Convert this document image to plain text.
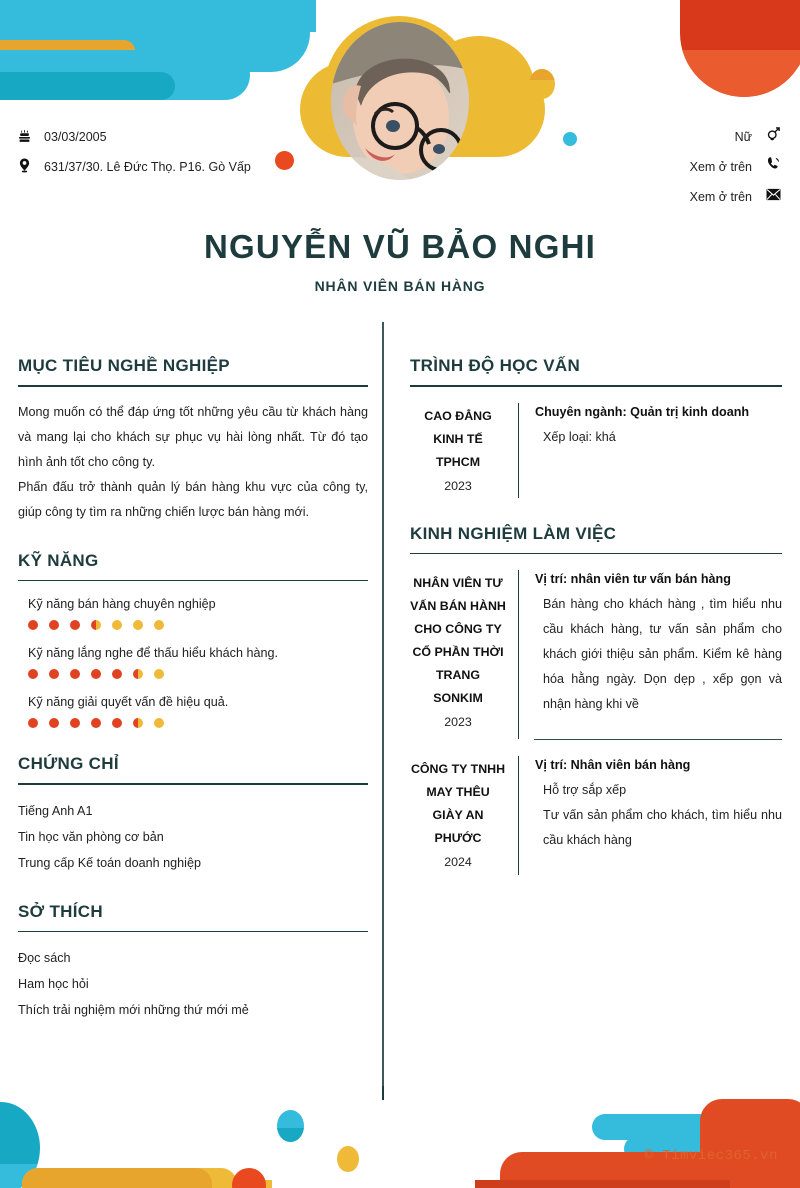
03/03/2005
631/37/30. Lê Đức Thọ. P16. Gò Vấp
Nữ
Xem ở trên
Xem ở trên
NGUYỄN VŨ BẢO NGHI
NHÂN VIÊN BÁN HÀNG
MỤC TIÊU NGHỀ NGHIỆP

Mong muốn có thể đáp ứng tốt những yêu cầu từ khách hàng và mang lại cho khách sự phục vụ hài lòng nhất. Từ đó tạo hình ảnh tốt cho công ty.

Phấn đấu trở thành quản lý bán hàng khu vực của công ty, giúp công ty tìm ra những chiến lược bán hàng mới.

KỸ NĂNG
Kỹ năng bán hàng chuyên nghiệp
Kỹ năng lắng nghe để thấu hiểu khách hàng.
Kỹ năng giải quyết vấn đề hiệu quả.
CHỨNG CHỈ
Tiếng Anh A1
Tin học văn phòng cơ bản
Trung cấp Kế toán doanh nghiệp
SỞ THÍCH
Đọc sách
Ham học hỏi
Thích trải nghiệm mới những thứ mới mẻ
TRÌNH ĐỘ HỌC VẤN
CAO ĐẲNG KINH TẾ TPHCM
2023
Chuyên ngành: Quản trị kinh doanh

Xếp loại: khá

KINH NGHIỆM LÀM VIỆC
NHÂN VIÊN TƯ VẤN BÁN HÀNH CHO CÔNG TY CỔ PHẦN THỜI TRANG SONKIM
2023
Vị trí: nhân viên tư vấn bán hàng

Bán hàng cho khách hàng , tìm hiểu nhu cầu khách hàng, tư vấn sản phẩm cho khách giới thiệu sản phẩm. Kiểm kê hàng hóa hằng ngày. Dọn dẹp , xếp gọn và nhận hàng khi về

CÔNG TY TNHH MAY THÊU GIÀY AN PHƯỚC
2024
Vị trí: Nhân viên bán hàng

Hỗ trợ sắp xếp

Tư vấn sản phẩm cho khách, tìm hiểu nhu cầu khách hàng

© Timviec365.vn
